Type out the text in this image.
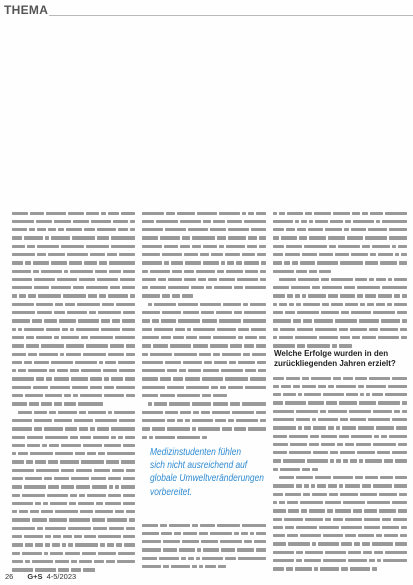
THEMA
Medizinstudenten fühlen
sich nicht ausreichend auf
globale Umweltveränderungen
vorbereitet.
Welche Erfolge wurden in den
zurückliegenden Jahren erzielt?
26 G+S 4-5/2023
